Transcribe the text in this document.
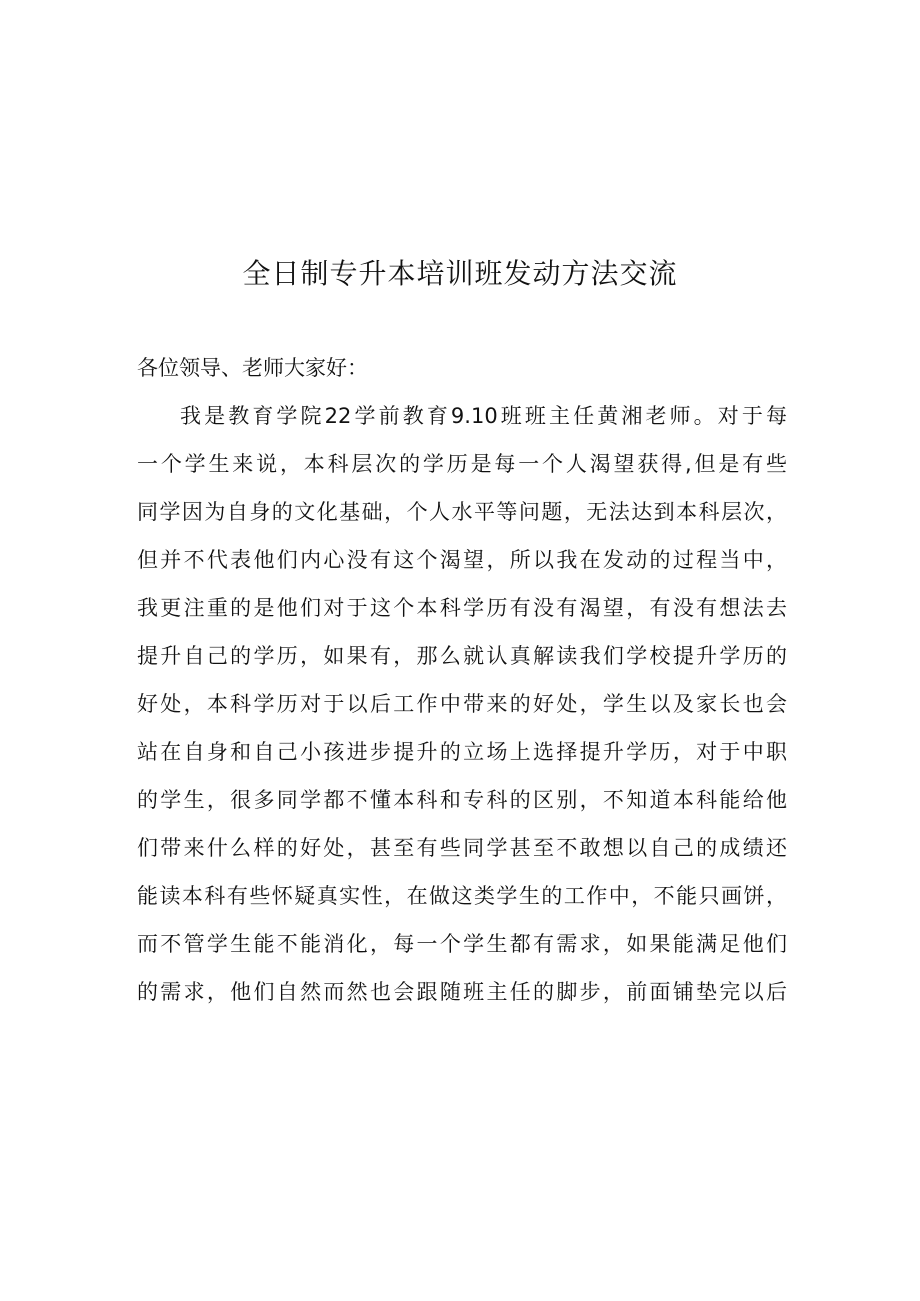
全日制专升本培训班发动方法交流
各位领导、老师大家好：
我是教育学院22学前教育9.10班班主任黄湘老师。对于每
一个学生来说，本科层次的学历是每一个人渴望获得,但是有些
同学因为自身的文化基础，个人水平等问题，无法达到本科层次，
但并不代表他们内心没有这个渴望，所以我在发动的过程当中，
我更注重的是他们对于这个本科学历有没有渴望，有没有想法去
提升自己的学历，如果有，那么就认真解读我们学校提升学历的
好处，本科学历对于以后工作中带来的好处，学生以及家长也会
站在自身和自己小孩进步提升的立场上选择提升学历，对于中职
的学生，很多同学都不懂本科和专科的区别，不知道本科能给他
们带来什么样的好处，甚至有些同学甚至不敢想以自己的成绩还
能读本科有些怀疑真实性，在做这类学生的工作中，不能只画饼，
而不管学生能不能消化，每一个学生都有需求，如果能满足他们
的需求，他们自然而然也会跟随班主任的脚步，前面铺垫完以后
